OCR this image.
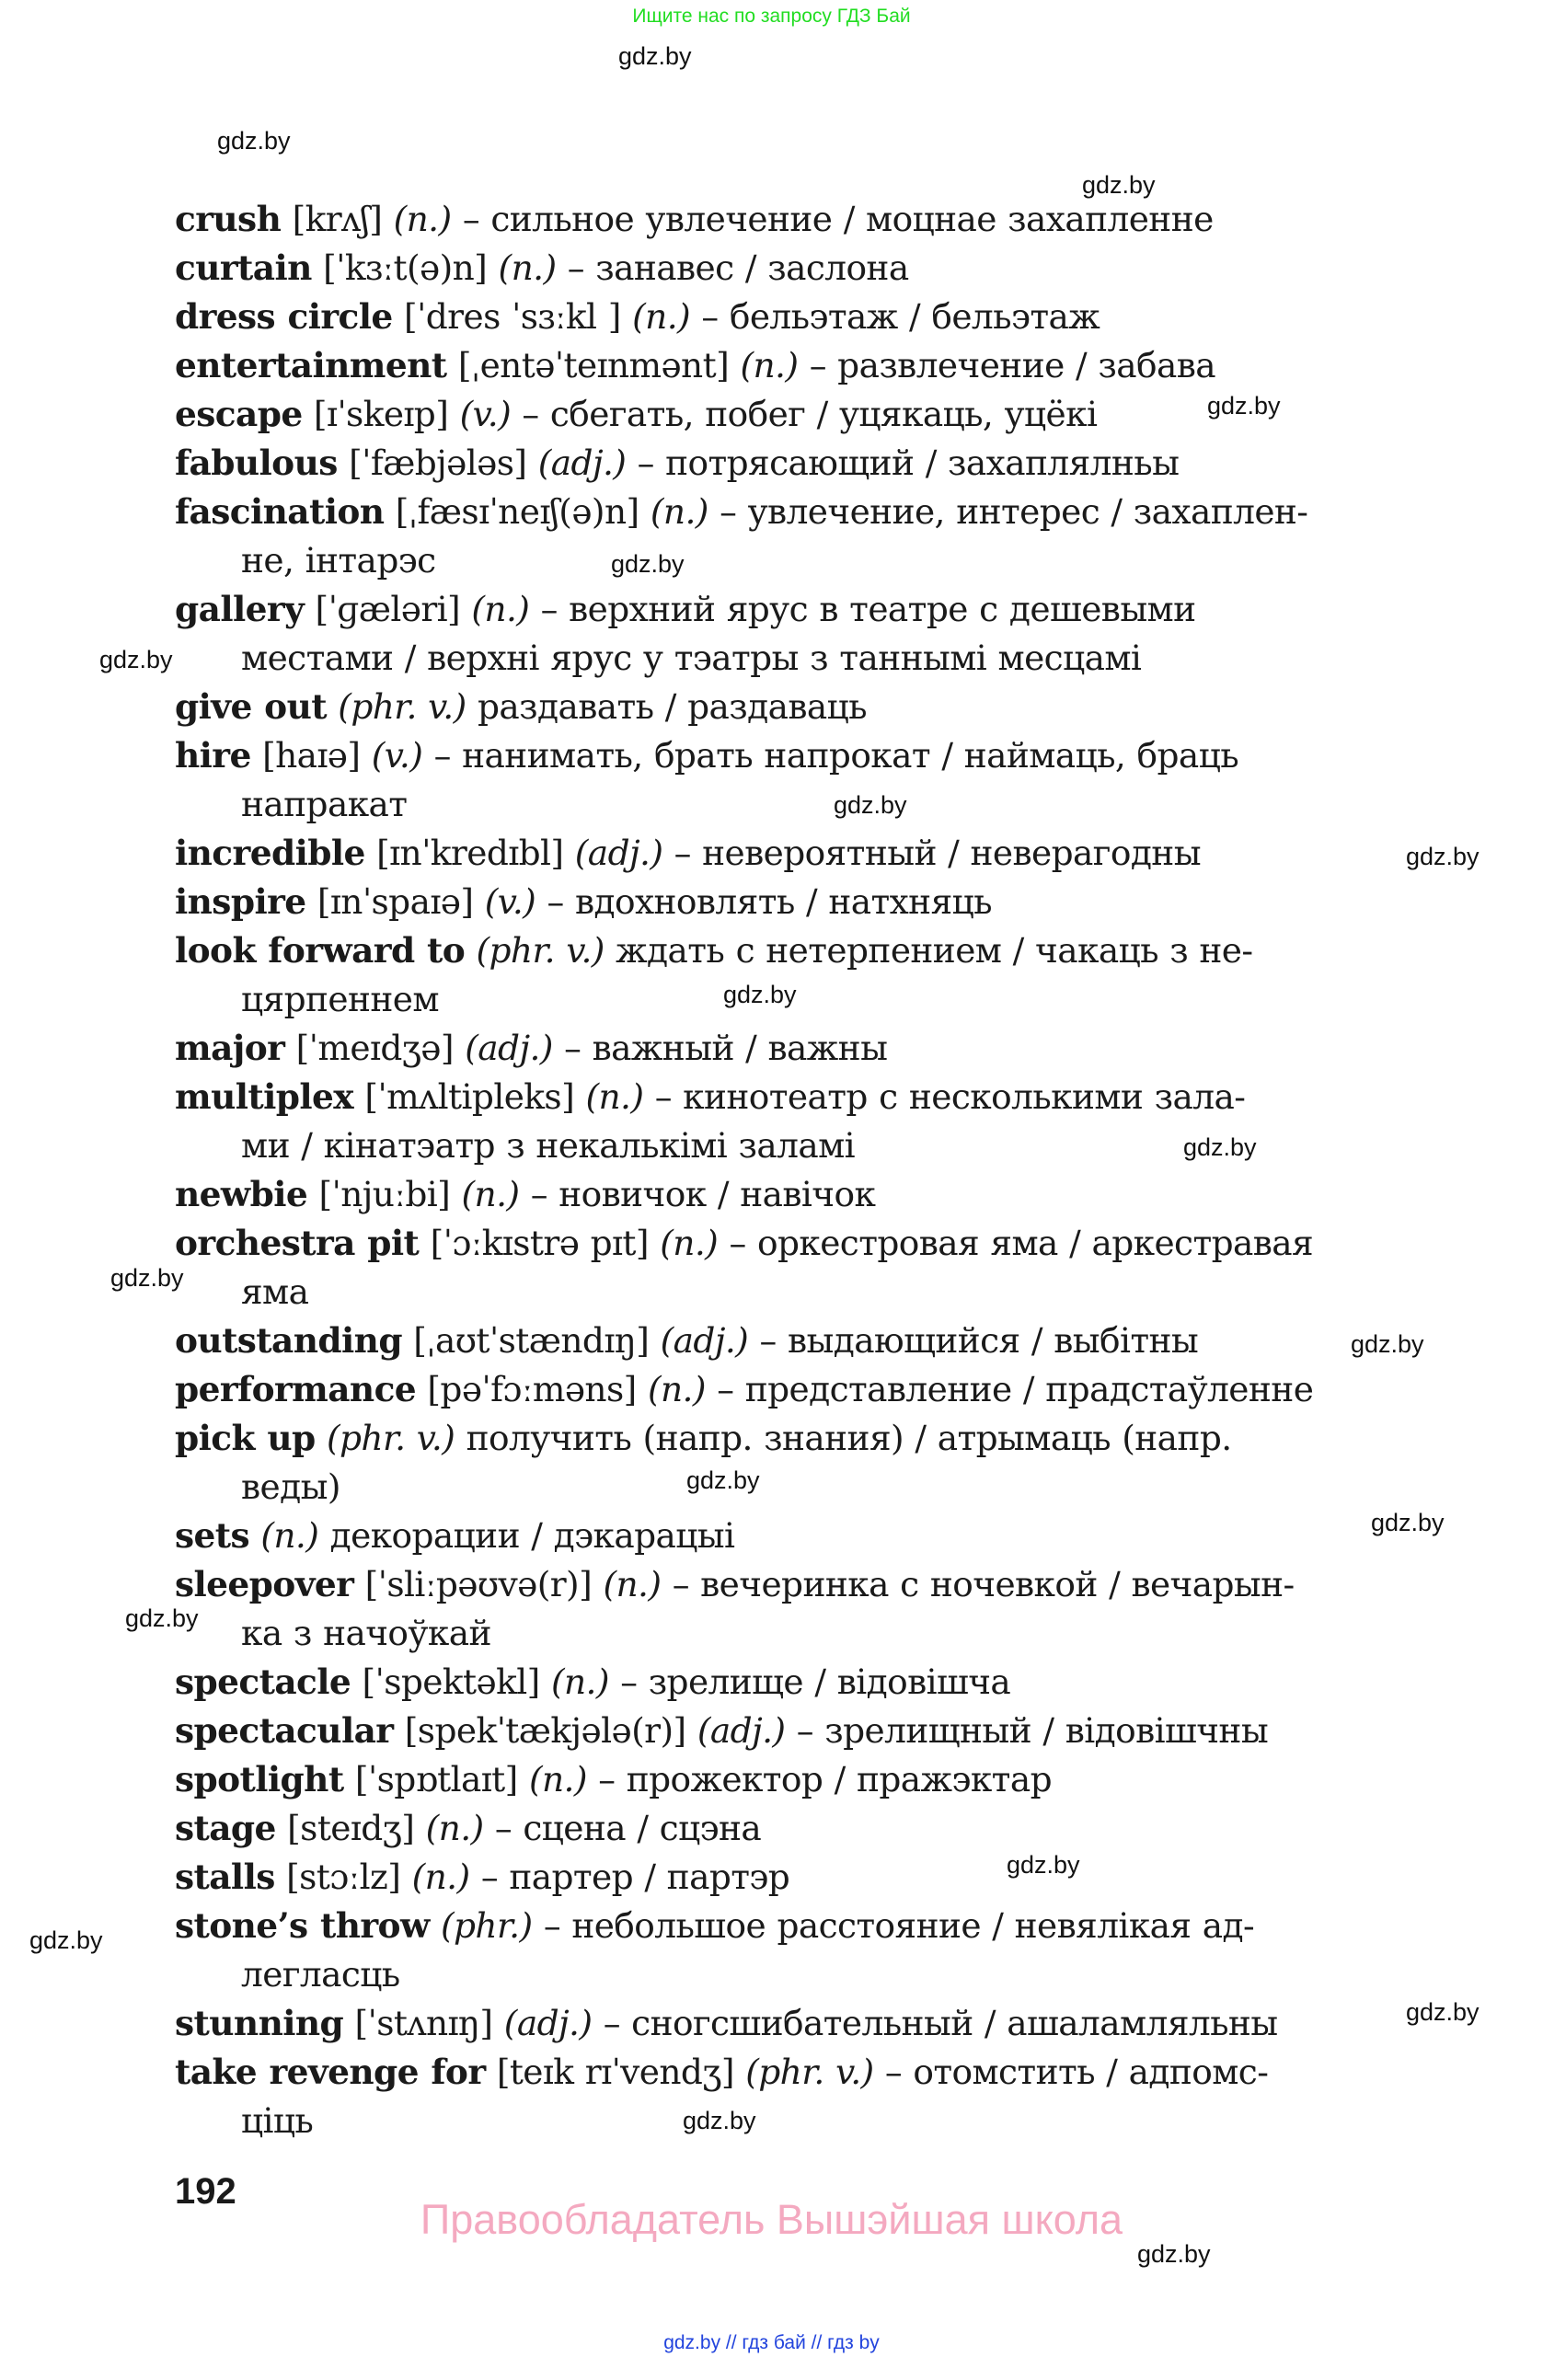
Ищите нас по запросу ГДЗ Бай
gdz.by
gdz.by
gdz.by
gdz.by
gdz.by
gdz.by
gdz.by
gdz.by
gdz.by
gdz.by
gdz.by
gdz.by
gdz.by
gdz.by
gdz.by
gdz.by
gdz.by
gdz.by
gdz.by
gdz.by
crush [krʌʃ] (n.) – сильное увлечение / моцнае захапленне
curtain [ˈkɜːt(ə)n] (n.) – занавес / заслона
dress circle [ˈdres ˈsɜːkl ] (n.) – бельэтаж / бельэтаж
entertainment [ˌentəˈteɪnmənt] (n.) – развлечение / забава
escape [ɪˈskeɪp] (v.) – сбегать, побег / уцякаць, уцёкі
fabulous [ˈfæbjələs] (adj.) – потрясающий / захаплялньы
fascination [ˌfæsɪˈneɪʃ(ə)n] (n.) – увлечение, интерес / захаплен-
не, інтарэс
gallery [ˈɡæləri] (n.) – верхний ярус в театре с дешевыми
местами / верхні ярус у тэатры з таннымі месцамі
give out (phr. v.) раздавать / раздаваць
hire [haɪə] (v.) – нанимать, брать напрокат / наймаць, браць
напракат
incredible [ɪnˈkredɪbl] (adj.) – невероятный / неверагодны
inspire [ɪnˈspaɪə] (v.) – вдохновлять / натхняць
look forward to (phr. v.) ждать с нетерпением / чакаць з не-
цярпеннем
major [ˈmeɪdʒə] (adj.) – важный / важны
multiplex [ˈmʌltipleks] (n.) – кинотеатр с несколькими зала-
ми / кінатэатр з некалькімі заламі
newbie [ˈnjuːbi] (n.) – новичок / навічок
orchestra pit [ˈɔːkɪstrə pɪt] (n.) – оркестровая яма / аркестравая
яма
outstanding [ˌaʊtˈstændɪŋ] (adj.) – выдающийся / выбітны
performance [pəˈfɔːməns] (n.) – представление / прадстаўленне
pick up (phr. v.) получить (напр. знания) / атрымаць (напр.
веды)
sets (n.) декорации / дэкарацыі
sleepover [ˈsliːpəʊvə(r)] (n.) – вечеринка с ночевкой / вечарын-
ка з начоўкай
spectacle [ˈspektəkl] (n.) – зрелище / відовішча
spectacular [spekˈtækjələ(r)] (adj.) – зрелищный / відовішчны
spotlight [ˈspɒtlaɪt] (n.) – прожектор / пражэктар
stage [steɪdʒ] (n.) – сцена / сцэна
stalls [stɔːlz] (n.) – партер / партэр
stone’s throw (phr.) – небольшое расстояние / невялікая ад-
легласць
stunning [ˈstʌnɪŋ] (adj.) – сногсшибательный / ашаламляльны
take revenge for [teɪk rɪˈvendʒ] (phr. v.) – отомстить / адпомс-
ціць
192
Правообладатель Вышэйшая школа
gdz.by // гдз бай // гдз by
